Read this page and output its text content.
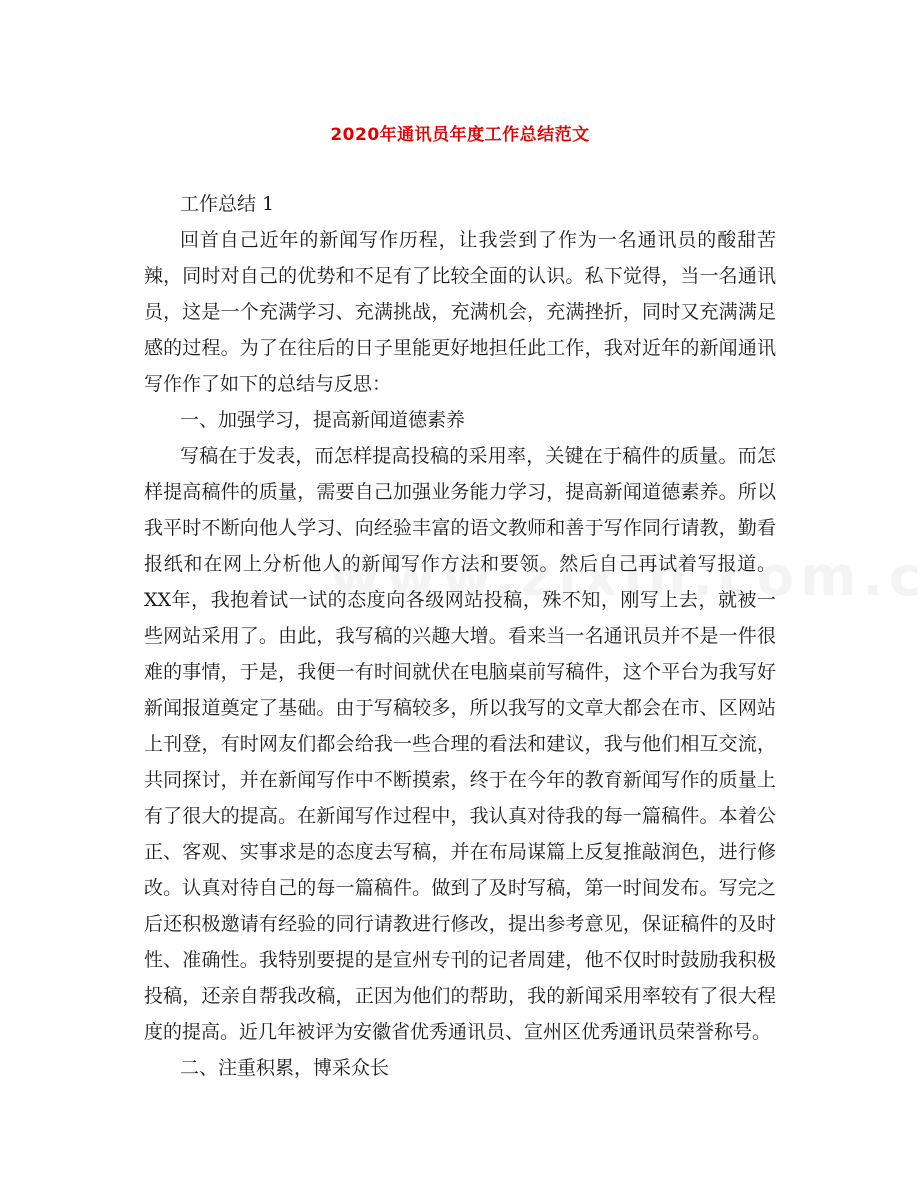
2020年通讯员年度工作总结范文

工作总结 1

回首自己近年的新闻写作历程，让我尝到了作为一名通讯员的酸甜苦辣，同时对自己的优势和不足有了比较全面的认识。私下觉得，当一名通讯员，这是一个充满学习、充满挑战，充满机会，充满挫折，同时又充满满足感的过程。为了在往后的日子里能更好地担任此工作，我对近年的新闻通讯写作作了如下的总结与反思：

一、加强学习，提高新闻道德素养

写稿在于发表，而怎样提高投稿的采用率，关键在于稿件的质量。而怎样提高稿件的质量，需要自己加强业务能力学习，提高新闻道德素养。所以我平时不断向他人学习、向经验丰富的语文教师和善于写作同行请教，勤看报纸和在网上分析他人的新闻写作方法和要领。然后自己再试着写报道。XX年，我抱着试一试的态度向各级网站投稿，殊不知，刚写上去，就被一些网站采用了。由此，我写稿的兴趣大增。看来当一名通讯员并不是一件很难的事情，于是，我便一有时间就伏在电脑桌前写稿件，这个平台为我写好新闻报道奠定了基础。由于写稿较多，所以我写的文章大都会在市、区网站上刊登，有时网友们都会给我一些合理的看法和建议，我与他们相互交流，共同探讨，并在新闻写作中不断摸索，终于在今年的教育新闻写作的质量上有了很大的提高。在新闻写作过程中，我认真对待我的每一篇稿件。本着公正、客观、实事求是的态度去写稿，并在布局谋篇上反复推敲润色，进行修改。认真对待自己的每一篇稿件。做到了及时写稿，第一时间发布。写完之后还积极邀请有经验的同行请教进行修改，提出参考意见，保证稿件的及时性、准确性。我特别要提的是宣州专刊的记者周建，他不仅时时鼓励我积极投稿，还亲自帮我改稿，正因为他们的帮助，我的新闻采用率较有了很大程度的提高。近几年被评为安徽省优秀通讯员、宣州区优秀通讯员荣誉称号。

二、注重积累，博采众长
